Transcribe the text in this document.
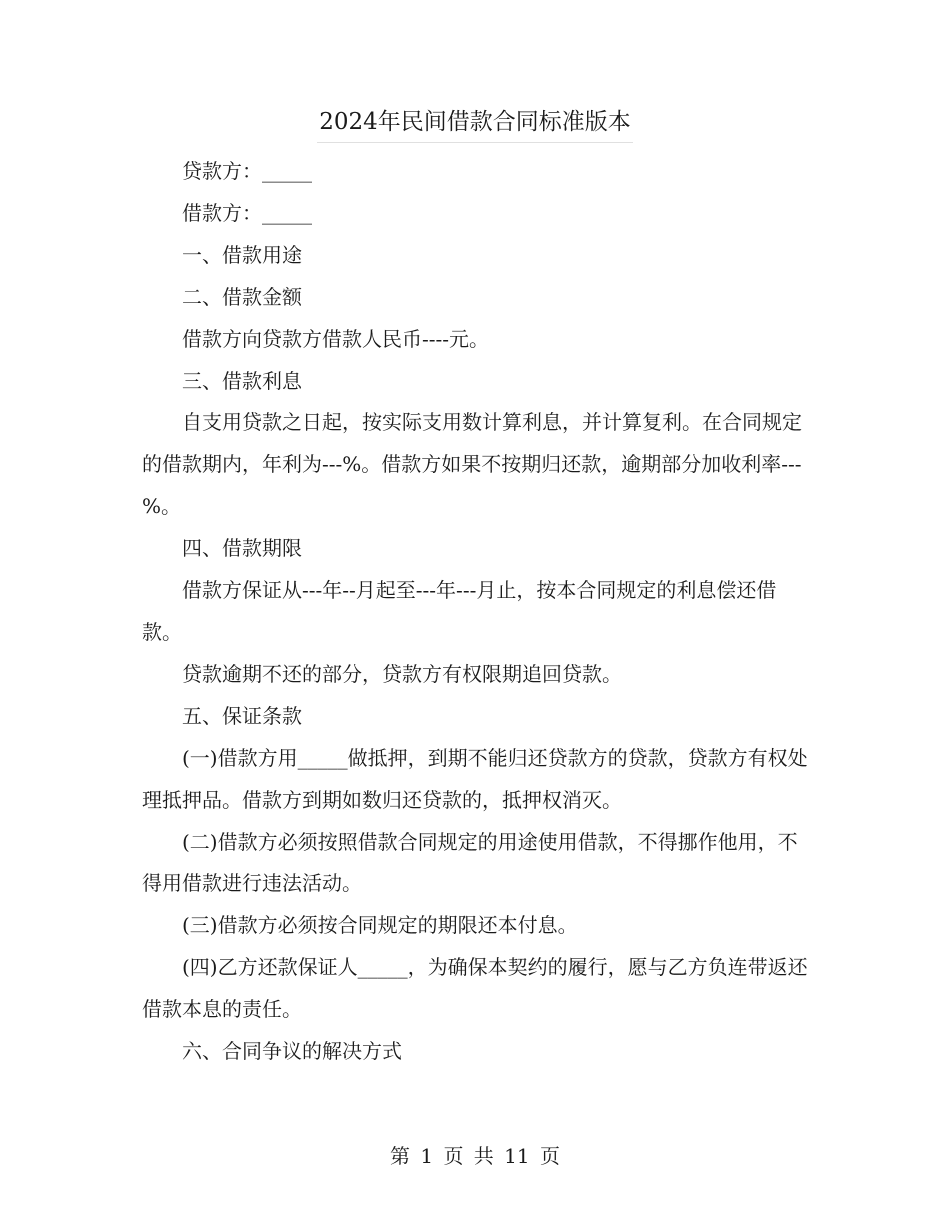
2024年民间借款合同标准版本

贷款方：_____

借款方：_____

一、借款用途

二、借款金额

借款方向贷款方借款人民币----元。

三、借款利息

自支用贷款之日起，按实际支用数计算利息，并计算复利。在合同规定的借款期内，年利为---%。借款方如果不按期归还款，逾期部分加收利率---%。

四、借款期限

借款方保证从---年--月起至---年---月止，按本合同规定的利息偿还借款。

贷款逾期不还的部分，贷款方有权限期追回贷款。

五、保证条款

(一)借款方用_____做抵押，到期不能归还贷款方的贷款，贷款方有权处理抵押品。借款方到期如数归还贷款的，抵押权消灭。

(二)借款方必须按照借款合同规定的用途使用借款，不得挪作他用，不得用借款进行违法活动。

(三)借款方必须按合同规定的期限还本付息。

(四)乙方还款保证人_____，为确保本契约的履行，愿与乙方负连带返还借款本息的责任。

六、合同争议的解决方式

第 1 页 共 11 页
